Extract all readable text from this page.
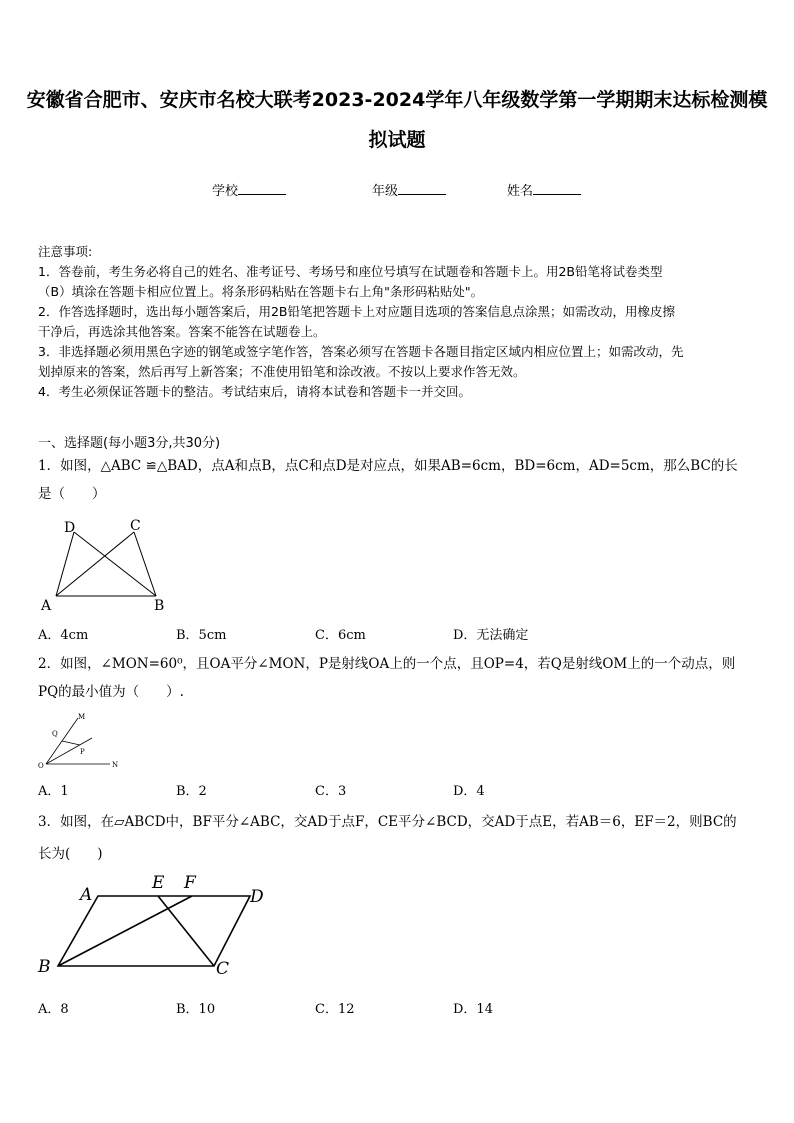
安徽省合肥市、安庆市名校大联考2023-2024学年八年级数学第一学期期末达标检测模
拟试题
学校	年级	姓名

注意事项:

1．答卷前，考生务必将自己的姓名、准考证号、考场号和座位号填写在试题卷和答题卡上。用2B铅笔将试卷类型

（B）填涂在答题卡相应位置上。将条形码粘贴在答题卡右上角"条形码粘贴处"。

2．作答选择题时，选出每小题答案后，用2B铅笔把答题卡上对应题目选项的答案信息点涂黑；如需改动，用橡皮擦

干净后，再选涂其他答案。答案不能答在试题卷上。

3．非选择题必须用黑色字迹的钢笔或签字笔作答，答案必须写在答题卡各题目指定区域内相应位置上；如需改动，先

划掉原来的答案，然后再写上新答案；不准使用铅笔和涂改液。不按以上要求作答无效。

4．考生必须保证答题卡的整洁。考试结束后，请将本试卷和答题卡一并交回。

一、选择题(每小题3分,共30分)
1．如图，△ABC ≌△BAD，点A和点B，点C和点D是对应点，如果AB=6cm，BD=6cm，AD=5cm，那么BC的长
是（　　）
D	C
A	B
A．4cm	B．5cm	C．6cm	D．无法确定
2．如图，∠MON=60⁰，且OA平分∠MON，P是射线OA上的一个点，且OP=4，若Q是射线OM上的一个动点，则
PQ的最小值为（　　）.
M
Q
P
O	N
A．1	B．2	C．3	D．4
3．如图，在▱ABCD中，BF平分∠ABC，交AD于点F，CE平分∠BCD，交AD于点E，若AB＝6，EF＝2，则BC的
长为(　　)
A
E F
D
B	C
A．8	B．10	C．12	D．14
